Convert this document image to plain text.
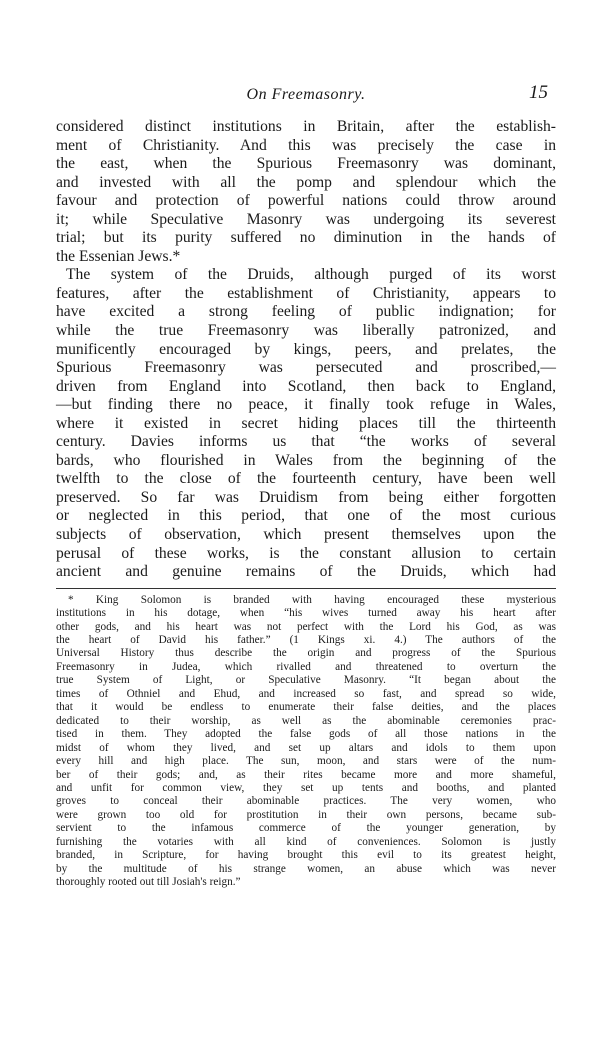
On Freemasonry.	15
considered distinct institutions in Britain, after the establish-
ment of Christianity. And this was precisely the case in
the east, when the Spurious Freemasonry was dominant,
and invested with all the pomp and splendour which the
favour and protection of powerful nations could throw around
it; while Speculative Masonry was undergoing its severest
trial; but its purity suffered no diminution in the hands of
the Essenian Jews.*
The system of the Druids, although purged of its worst
features, after the establishment of Christianity, appears to
have excited a strong feeling of public indignation; for
while the true Freemasonry was liberally patronized, and
munificently encouraged by kings, peers, and prelates, the
Spurious Freemasonry was persecuted and proscribed,—
driven from England into Scotland, then back to England,
—but finding there no peace, it finally took refuge in Wales,
where it existed in secret hiding places till the thirteenth
century. Davies informs us that “the works of several
bards, who flourished in Wales from the beginning of the
twelfth to the close of the fourteenth century, have been well
preserved. So far was Druidism from being either forgotten
or neglected in this period, that one of the most curious
subjects of observation, which present themselves upon the
perusal of these works, is the constant allusion to certain
ancient and genuine remains of the Druids, which had
* King Solomon is branded with having encouraged these mysterious
institutions in his dotage, when “his wives turned away his heart after
other gods, and his heart was not perfect with the Lord his God, as was
the heart of David his father.” (1 Kings xi. 4.) The authors of the
Universal History thus describe the origin and progress of the Spurious
Freemasonry in Judea, which rivalled and threatened to overturn the
true System of Light, or Speculative Masonry. “It began about the
times of Othniel and Ehud, and increased so fast, and spread so wide,
that it would be endless to enumerate their false deities, and the places
dedicated to their worship, as well as the abominable ceremonies prac-
tised in them. They adopted the false gods of all those nations in the
midst of whom they lived, and set up altars and idols to them upon
every hill and high place. The sun, moon, and stars were of the num-
ber of their gods; and, as their rites became more and more shameful,
and unfit for common view, they set up tents and booths, and planted
groves to conceal their abominable practices. The very women, who
were grown too old for prostitution in their own persons, became sub-
servient to the infamous commerce of the younger generation, by
furnishing the votaries with all kind of conveniences. Solomon is justly
branded, in Scripture, for having brought this evil to its greatest height,
by the multitude of his strange women, an abuse which was never
thoroughly rooted out till Josiah's reign.”
